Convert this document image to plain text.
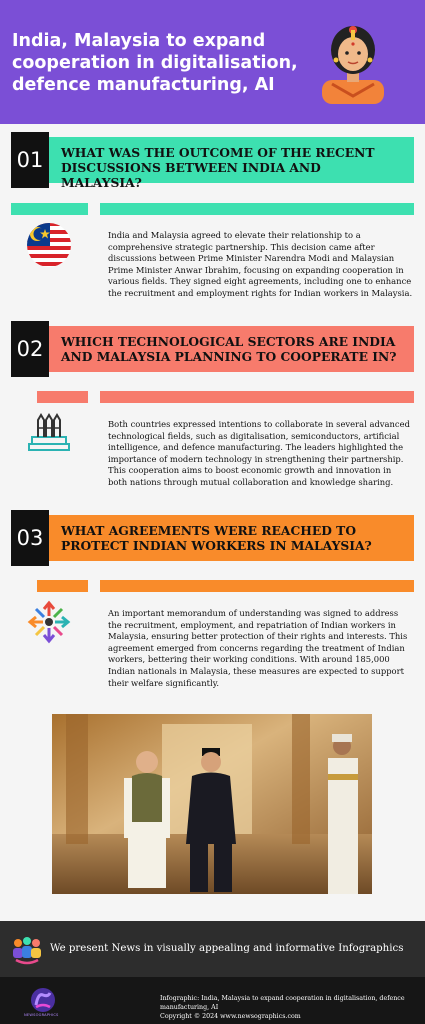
India, Malaysia to expand cooperation in digitalisation, defence manufacturing, AI
01	WHAT WAS THE OUTCOME OF THE RECENT DISCUSSIONS BETWEEN INDIA AND MALAYSIA?
India and Malaysia agreed to elevate their relationship to a comprehensive strategic partnership. This decision came after discussions between Prime Minister Narendra Modi and Malaysian Prime Minister Anwar Ibrahim, focusing on expanding cooperation in various fields. They signed eight agreements, including one to enhance the recruitment and employment rights for Indian workers in Malaysia.
02	WHICH TECHNOLOGICAL SECTORS ARE INDIA AND MALAYSIA PLANNING TO COOPERATE IN?
Both countries expressed intentions to collaborate in several advanced technological fields, such as digitalisation, semiconductors, artificial intelligence, and defence manufacturing. The leaders highlighted the importance of modern technology in strengthening their partnership. This cooperation aims to boost economic growth and innovation in both nations through mutual collaboration and knowledge sharing.
03	WHAT AGREEMENTS WERE REACHED TO PROTECT INDIAN WORKERS IN MALAYSIA?
An important memorandum of understanding was signed to address the recruitment, employment, and repatriation of Indian workers in Malaysia, ensuring better protection of their rights and interests. This agreement emerged from concerns regarding the treatment of Indian workers, bettering their working conditions. With around 185,000 Indian nationals in Malaysia, these measures are expected to support their welfare significantly.
We present News in visually appealing and informative Infographics
Infographic: India, Malaysia to expand cooperation in digitalisation, defence manufacturing, AI
Copyright © 2024 www.newsographics.com
NEWSOGRAPHICS
